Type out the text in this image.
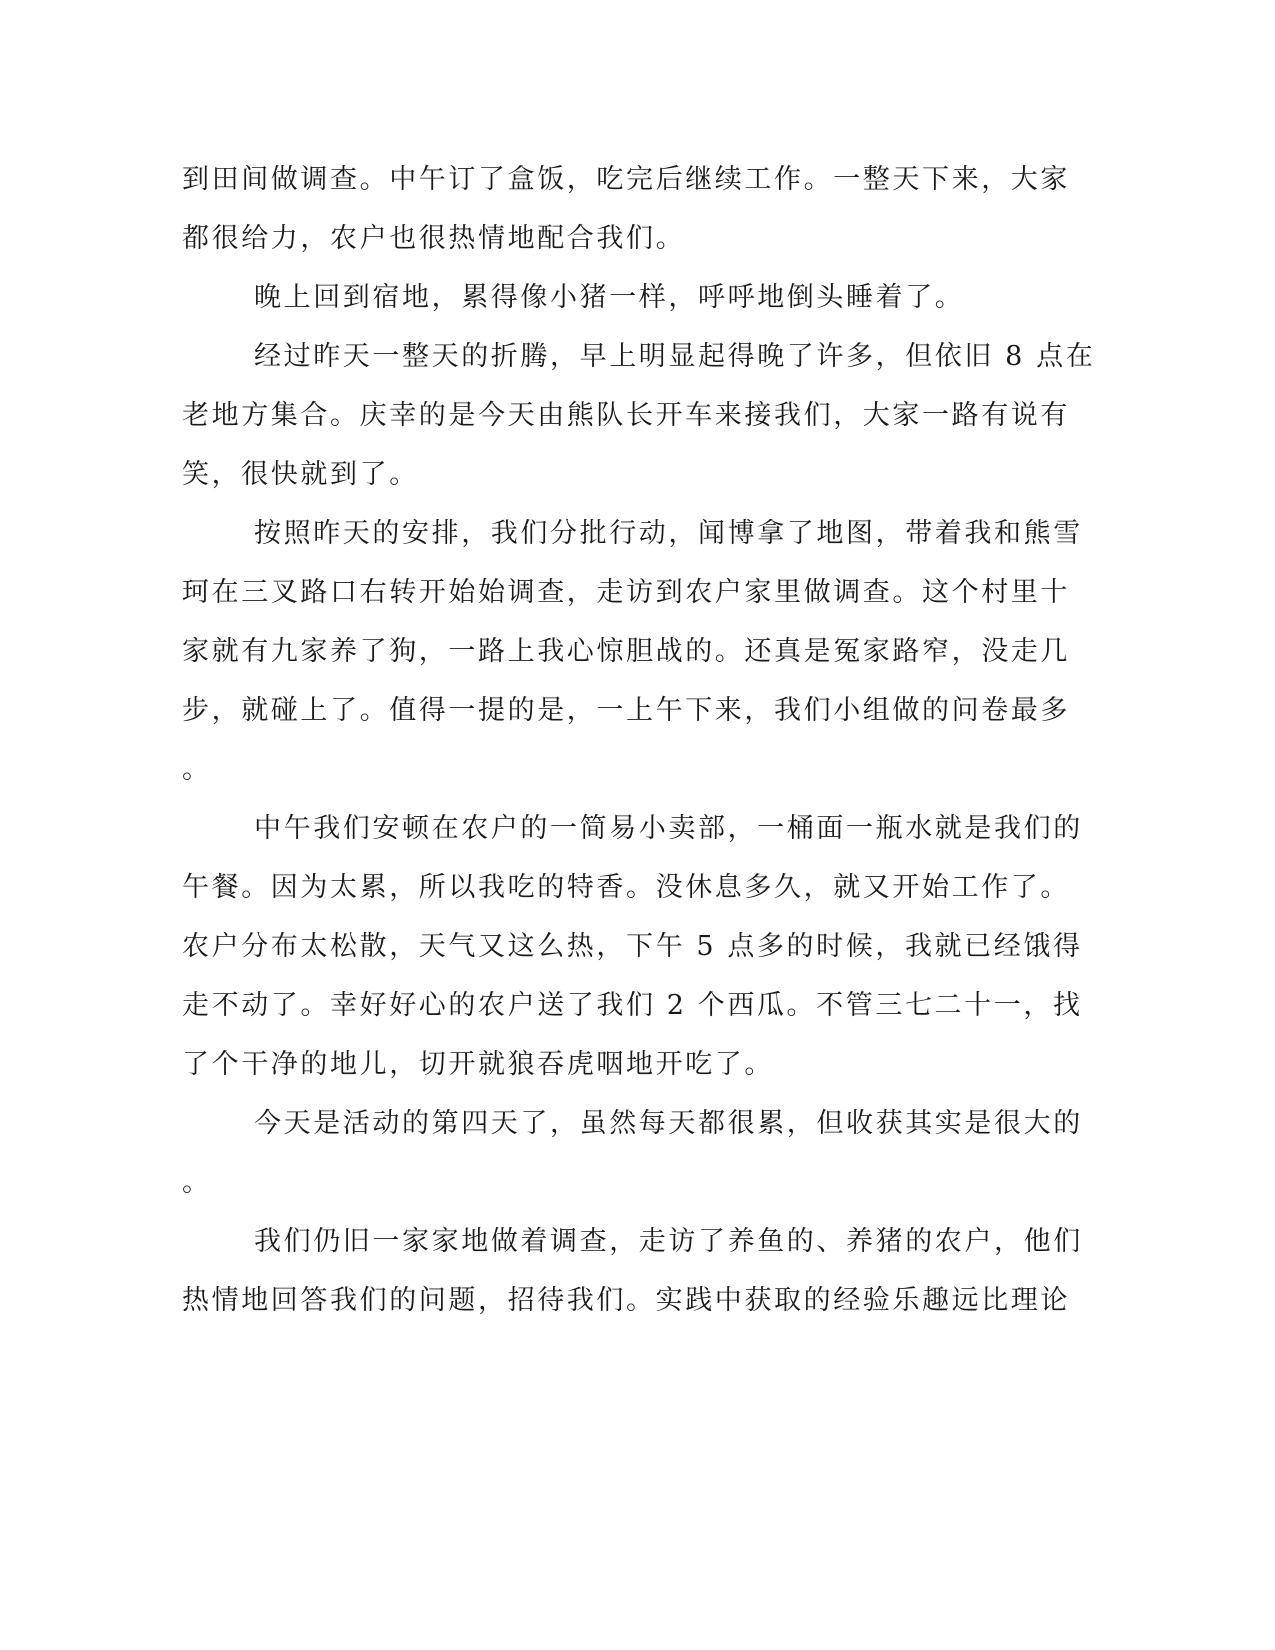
到田间做调查。中午订了盒饭，吃完后继续工作。一整天下来，大家
都很给力，农户也很热情地配合我们。
晚上回到宿地，累得像小猪一样，呼呼地倒头睡着了。
经过昨天一整天的折腾，早上明显起得晚了许多，但依旧 8 点在
老地方集合。庆幸的是今天由熊队长开车来接我们，大家一路有说有
笑，很快就到了。
按照昨天的安排，我们分批行动，闻博拿了地图，带着我和熊雪
珂在三叉路口右转开始始调查，走访到农户家里做调查。这个村里十
家就有九家养了狗，一路上我心惊胆战的。还真是冤家路窄，没走几
步，就碰上了。值得一提的是，一上午下来，我们小组做的问卷最多
。
中午我们安顿在农户的一简易小卖部，一桶面一瓶水就是我们的
午餐。因为太累，所以我吃的特香。没休息多久，就又开始工作了。
农户分布太松散，天气又这么热，下午 5 点多的时候，我就已经饿得
走不动了。幸好好心的农户送了我们 2 个西瓜。不管三七二十一，找
了个干净的地儿，切开就狼吞虎咽地开吃了。
今天是活动的第四天了，虽然每天都很累，但收获其实是很大的
。
我们仍旧一家家地做着调查，走访了养鱼的、养猪的农户，他们
热情地回答我们的问题，招待我们。实践中获取的经验乐趣远比理论
